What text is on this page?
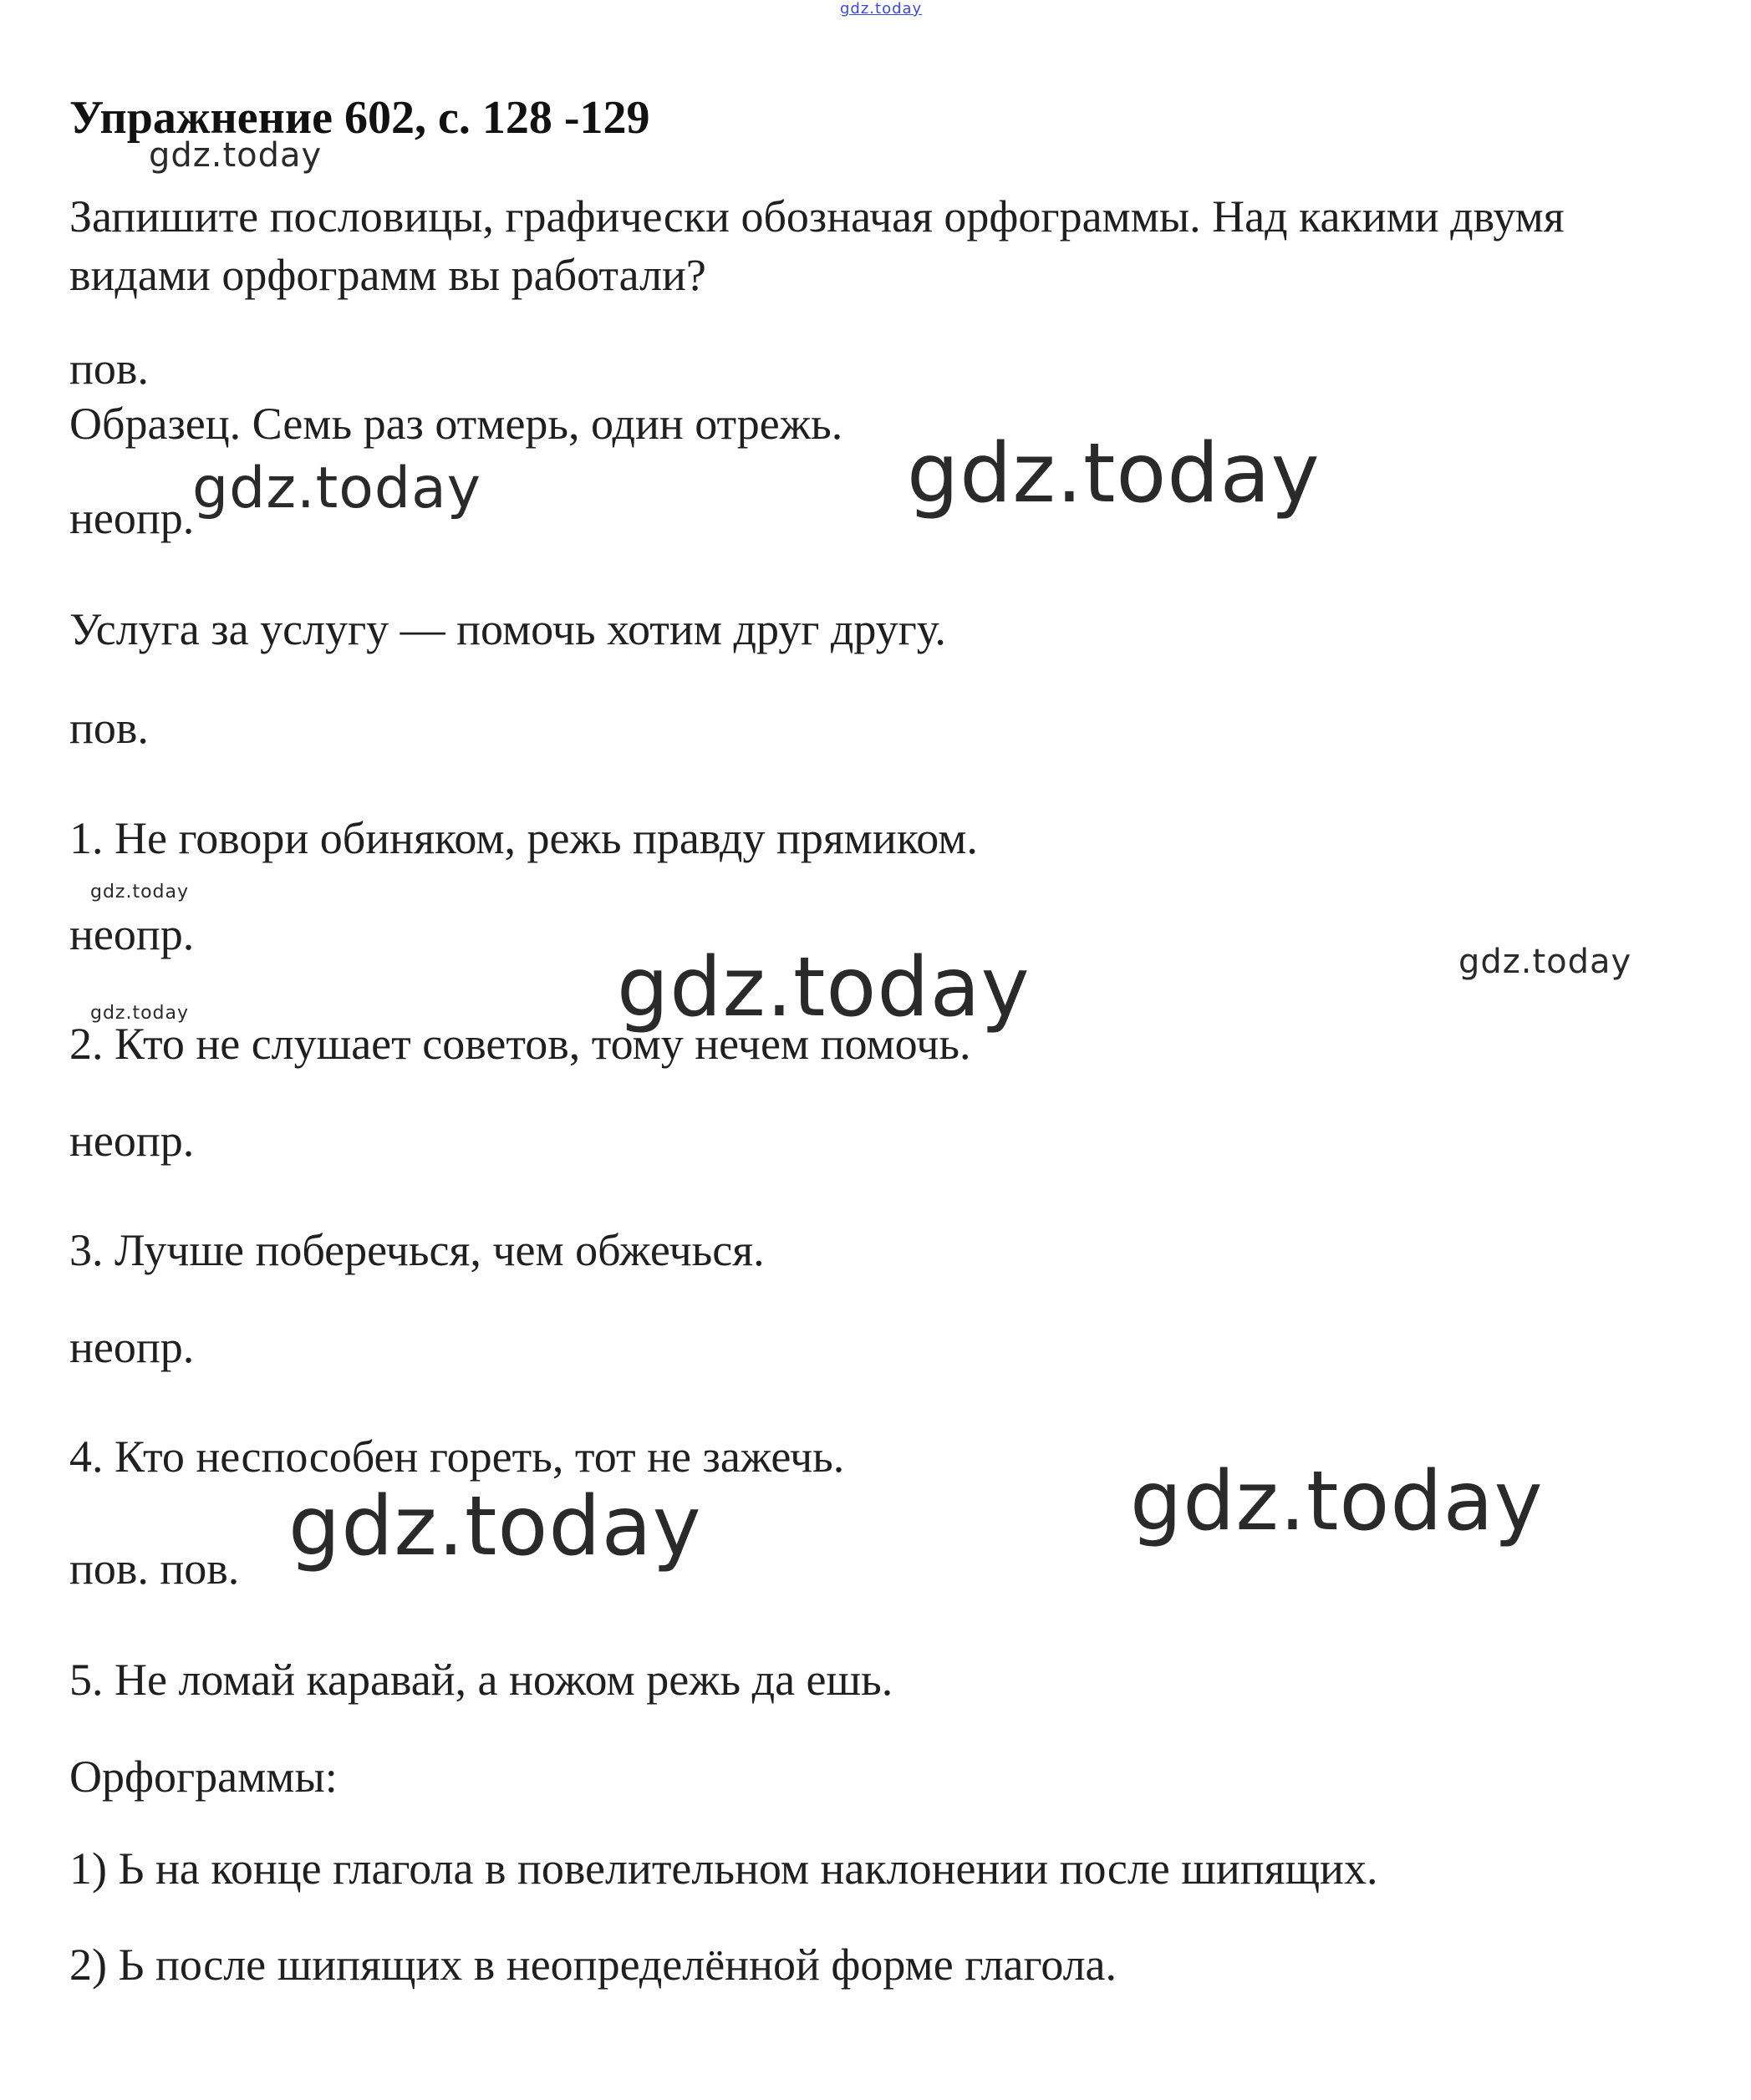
gdz.today
Упражнение 602, с. 128 -129
gdz.today
Запишите пословицы, графически обозначая орфограммы. Над какими двумя
видами орфограмм вы работали?
пов.
Образец. Семь раз отмерь, один отрежь.
неопр.
gdz.today	gdz.today
Услуга за услугу — помочь хотим друг другу.
пов.
1. Не говори обиняком, режь правду прямиком.
gdz.today
неопр.
gdz.today	gdz.today	gdz.today
2. Кто не слушает советов, тому нечем помочь.
неопр.
3. Лучше поберечься, чем обжечься.
неопр.
4. Кто неспособен гореть, тот не зажечь.
пов. пов. gdz.today	gdz.today
5. Не ломай каравай, а ножом режь да ешь.
Орфограммы:
1) Ь на конце глагола в повелительном наклонении после шипящих.
2) Ь после шипящих в неопределённой форме глагола.
